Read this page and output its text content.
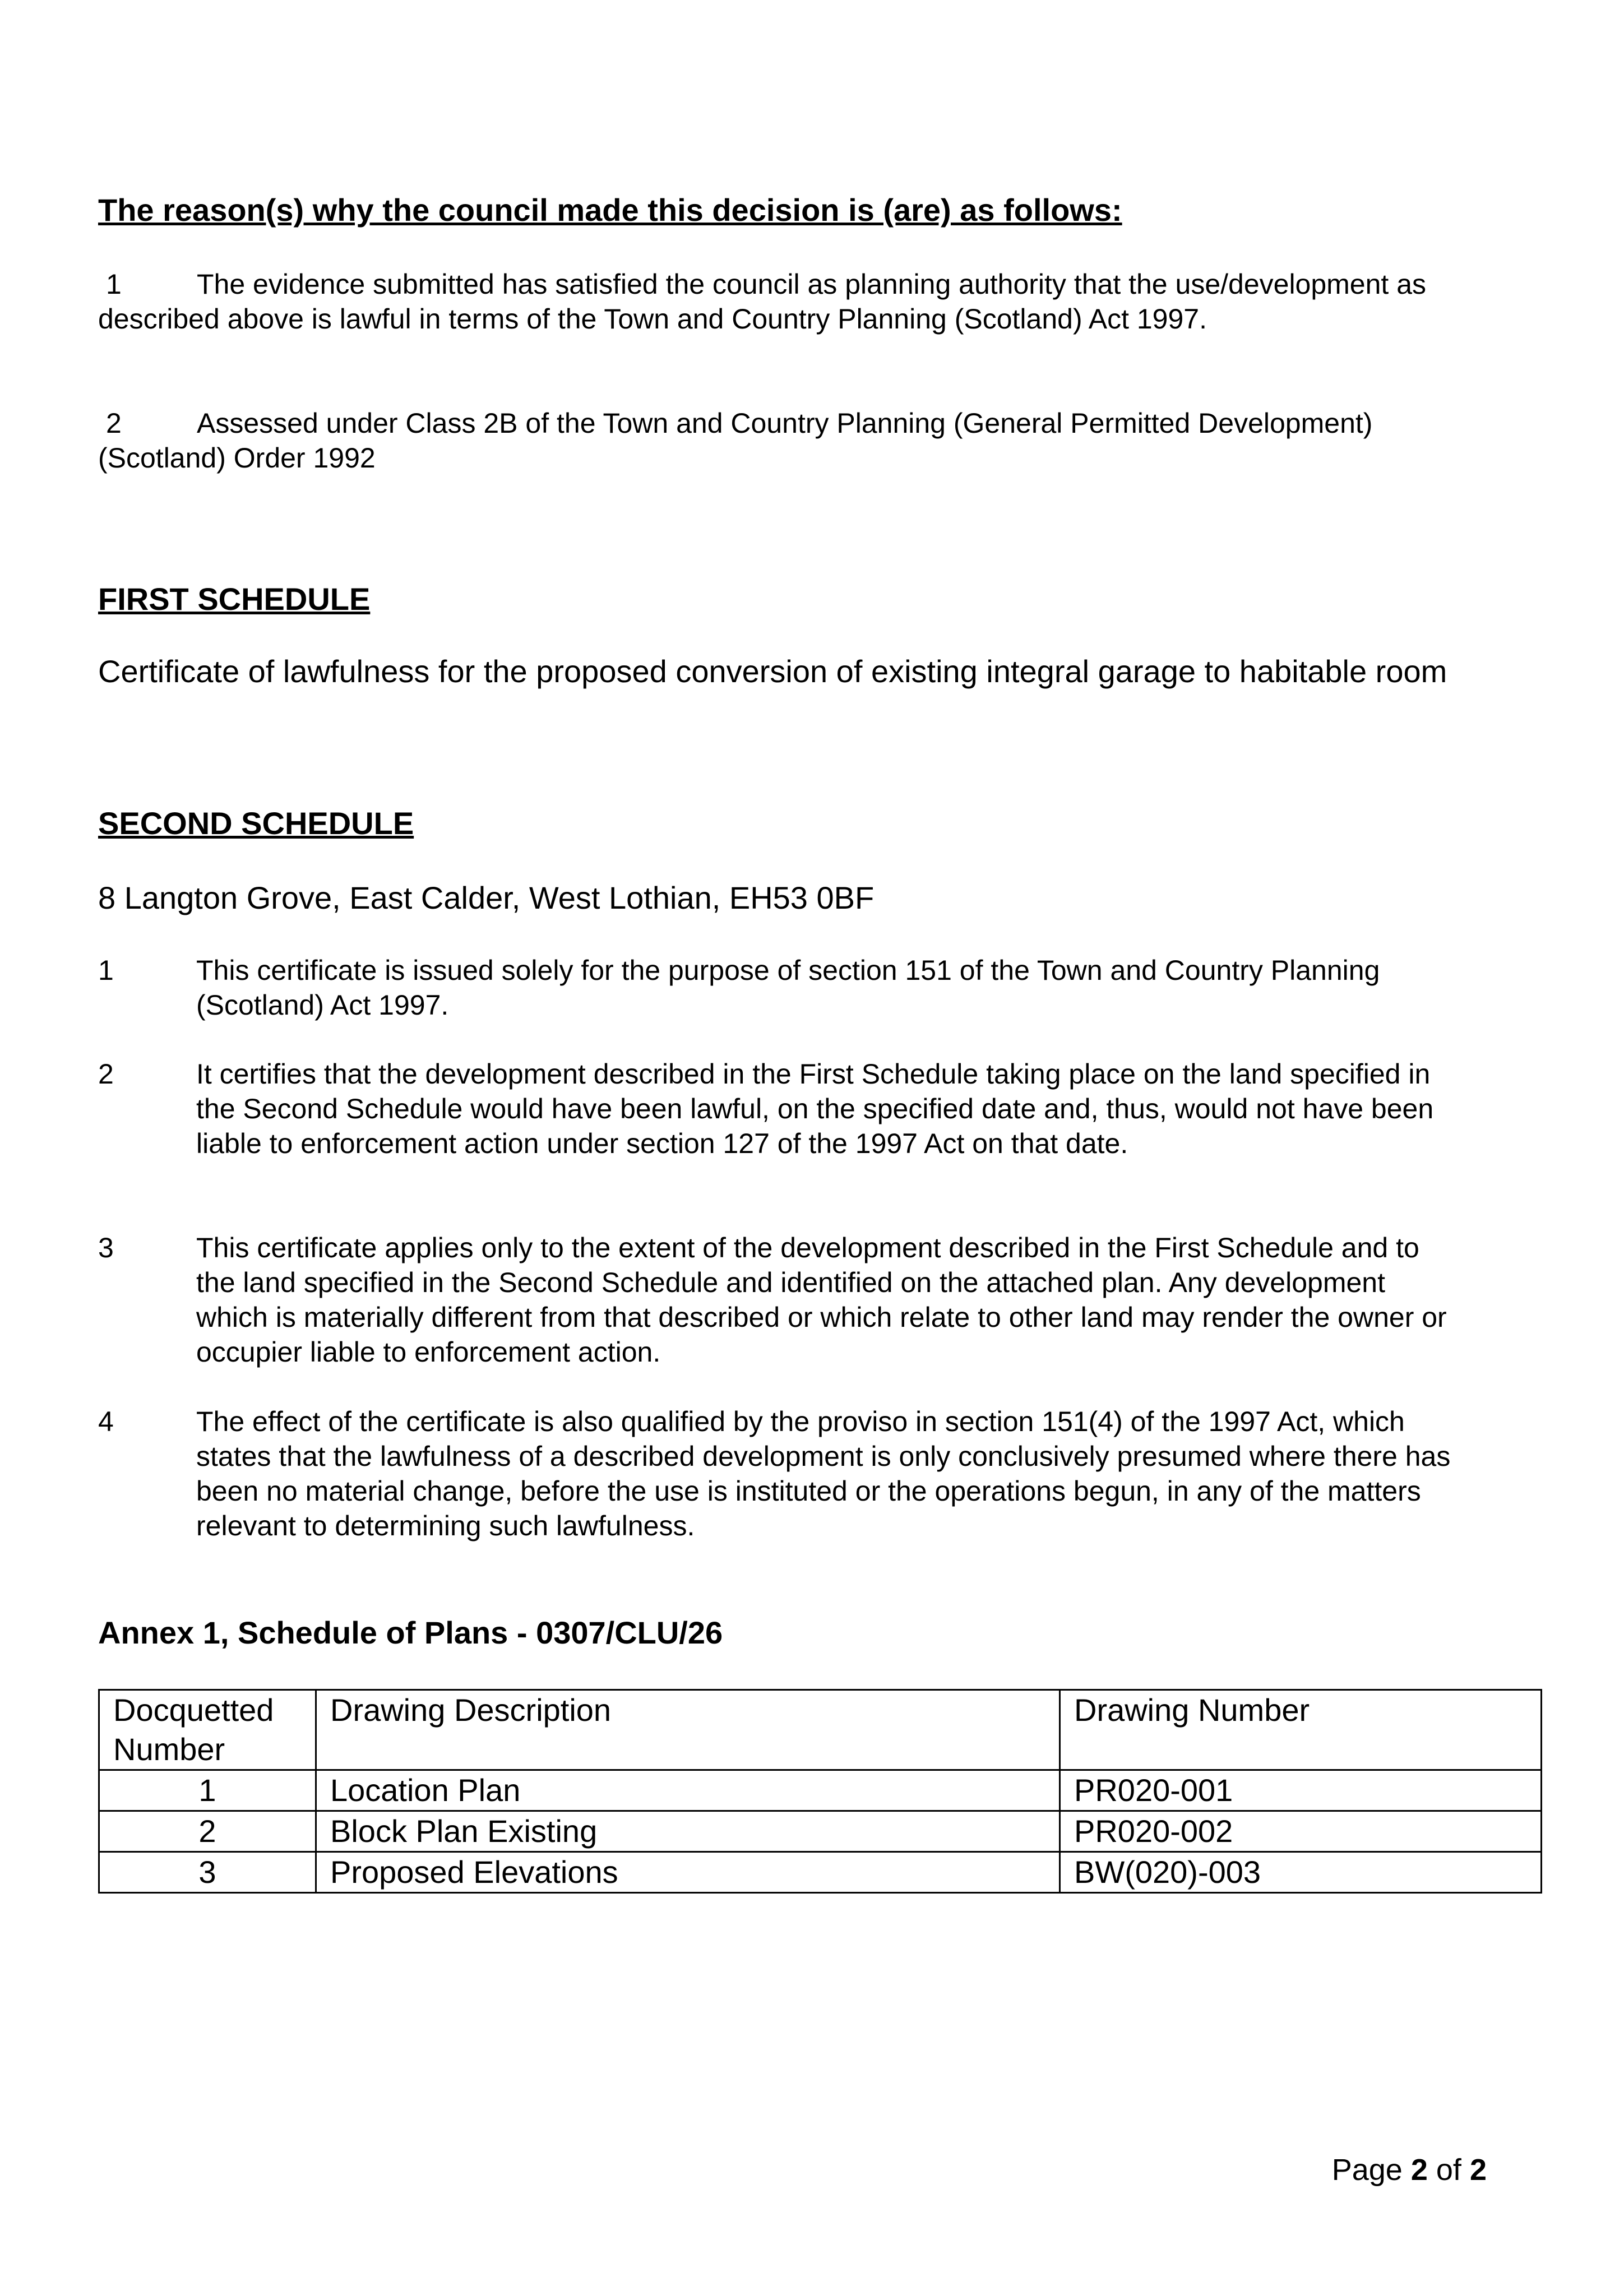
The reason(s) why the council made this decision is (are) as follows:
1	The evidence submitted has satisfied the council as planning authority that the use/development as described above is lawful in terms of the Town and Country Planning (Scotland) Act 1997.
2	Assessed under Class 2B of the Town and Country Planning (General Permitted Development)(Scotland) Order 1992
FIRST SCHEDULE
Certificate of lawfulness for the proposed conversion of existing integral garage to habitable room
SECOND SCHEDULE
8 Langton Grove, East Calder, West Lothian, EH53 0BF
1	This certificate is issued solely for the purpose of section 151 of the Town and Country Planning (Scotland) Act 1997.
2	It certifies that the development described in the First Schedule taking place on the land specified in the Second Schedule would have been lawful, on the specified date and, thus, would not have been liable to enforcement action under section 127 of the 1997 Act on that date.
3	This certificate applies only to the extent of the development described in the First Schedule and to the land specified in the Second Schedule and identified on the attached plan. Any development which is materially different from that described or which relate to other land may render the owner or occupier liable to enforcement action.
4	The effect of the certificate is also qualified by the proviso in section 151(4) of the 1997 Act, which states that the lawfulness of a described development is only conclusively presumed where there has been no material change, before the use is instituted or the operations begun, in any of the matters relevant to determining such lawfulness.
Annex 1, Schedule of Plans - 0307/CLU/26
Docquetted Number	Drawing Description	Drawing Number
1	Location Plan	PR020-001
2	Block Plan Existing	PR020-002
3	Proposed Elevations	BW(020)-003
Page 2 of 2
